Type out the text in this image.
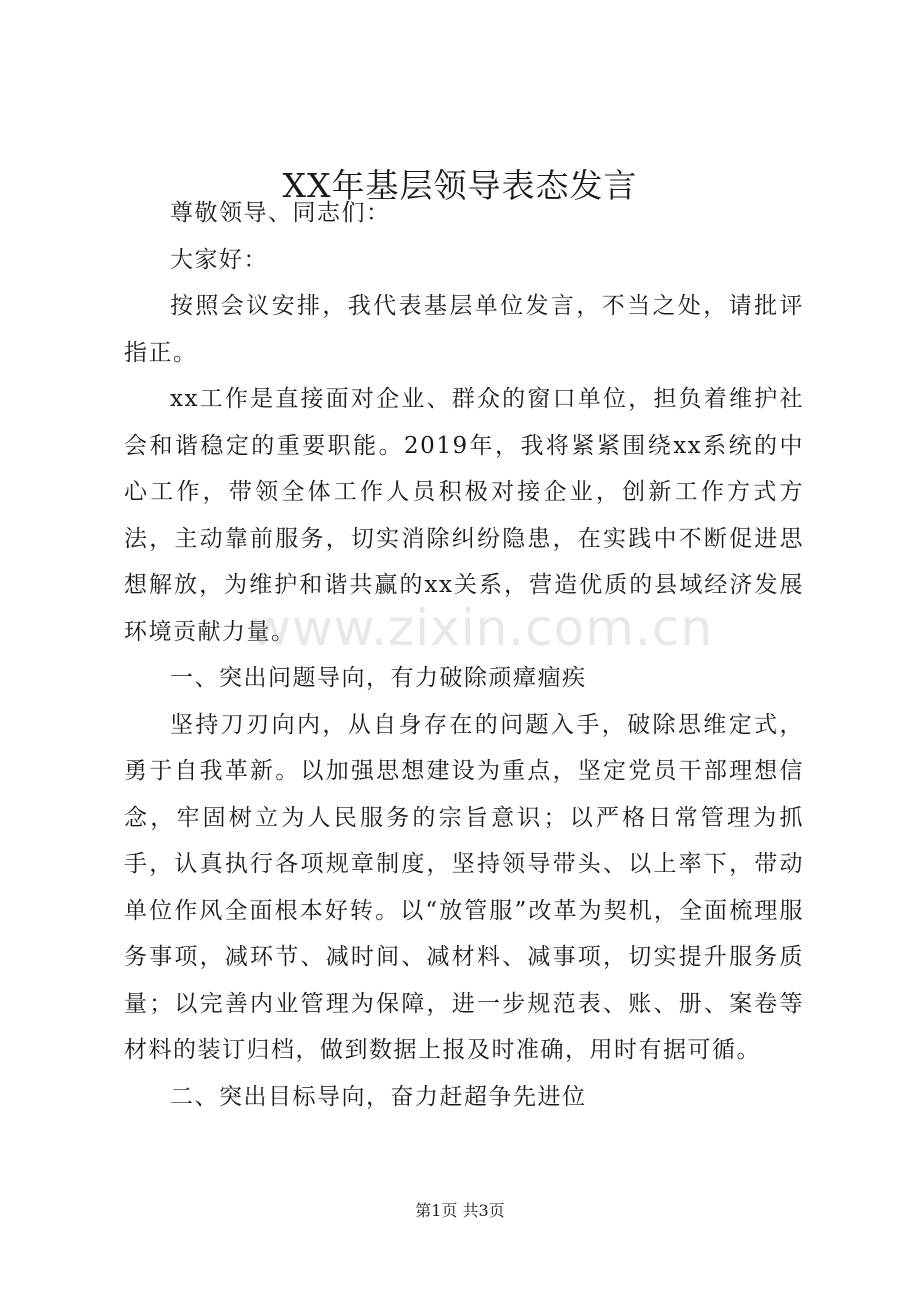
XX年基层领导表态发言

尊敬领导、同志们：

大家好：

按照会议安排，我代表基层单位发言，不当之处，请批评指正。

xx工作是直接面对企业、群众的窗口单位，担负着维护社会和谐稳定的重要职能。2019年，我将紧紧围绕xx系统的中心工作，带领全体工作人员积极对接企业，创新工作方式方法，主动靠前服务，切实消除纠纷隐患，在实践中不断促进思想解放，为维护和谐共赢的xx关系，营造优质的县域经济发展环境贡献力量。

一、突出问题导向，有力破除顽瘴痼疾

坚持刀刃向内，从自身存在的问题入手，破除思维定式，勇于自我革新。以加强思想建设为重点，坚定党员干部理想信念，牢固树立为人民服务的宗旨意识；以严格日常管理为抓手，认真执行各项规章制度，坚持领导带头、以上率下，带动单位作风全面根本好转。以“放管服”改革为契机，全面梳理服务事项，减环节、减时间、减材料、减事项，切实提升服务质量；以完善内业管理为保障，进一步规范表、账、册、案卷等材料的装订归档，做到数据上报及时准确，用时有据可循。

二、突出目标导向，奋力赶超争先进位

www.zixin.com.cn
第1页 共3页
